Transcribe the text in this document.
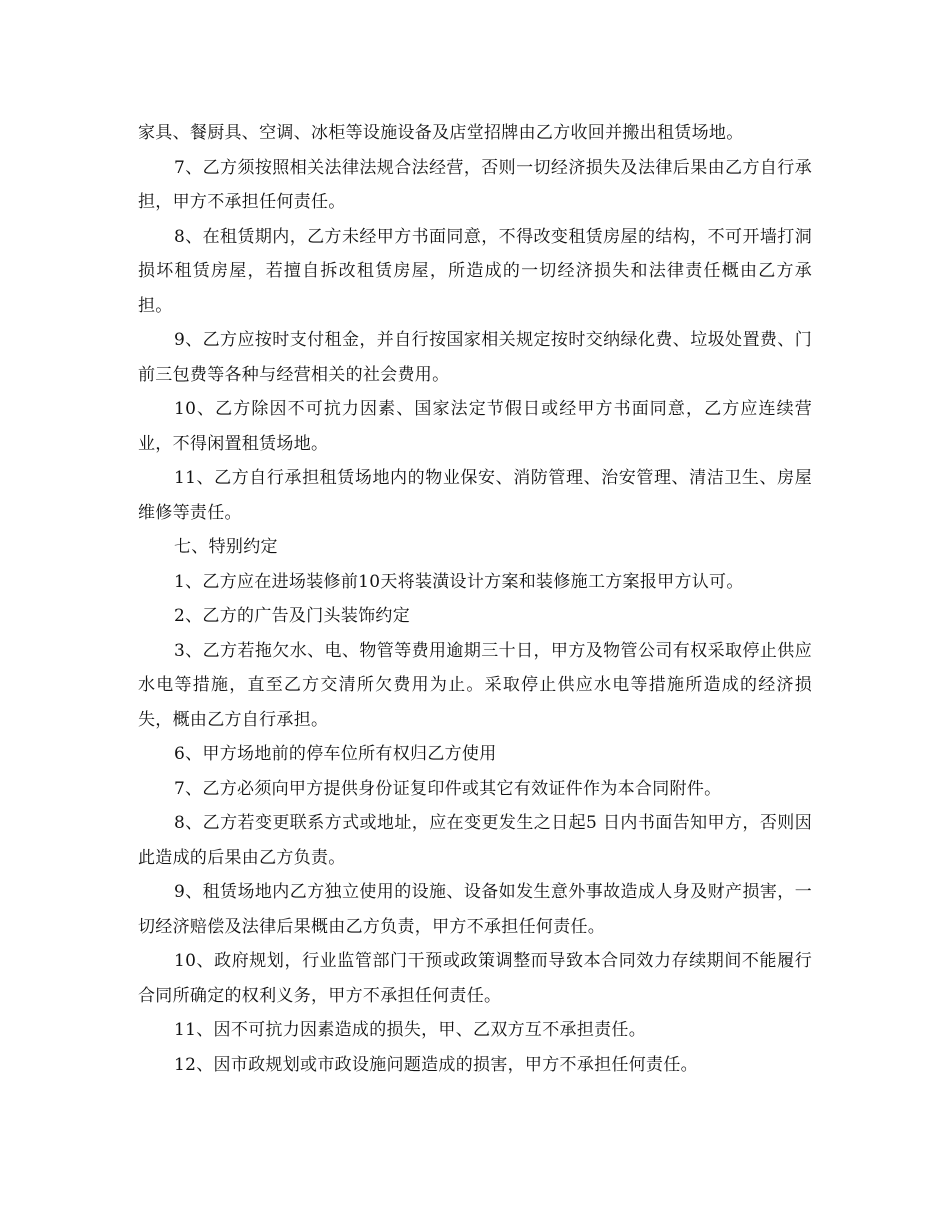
家具、餐厨具、空调、冰柜等设施设备及店堂招牌由乙方收回并搬出租赁场地。

7、乙方须按照相关法律法规合法经营，否则一切经济损失及法律后果由乙方自行承担，甲方不承担任何责任。

8、在租赁期内，乙方未经甲方书面同意，不得改变租赁房屋的结构，不可开墙打洞损坏租赁房屋，若擅自拆改租赁房屋，所造成的一切经济损失和法律责任概由乙方承担。

9、乙方应按时支付租金，并自行按国家相关规定按时交纳绿化费、垃圾处置费、门前三包费等各种与经营相关的社会费用。

10、乙方除因不可抗力因素、国家法定节假日或经甲方书面同意，乙方应连续营业，不得闲置租赁场地。

11、乙方自行承担租赁场地内的物业保安、消防管理、治安管理、清洁卫生、房屋维修等责任。

七、特别约定

1、乙方应在进场装修前10天将装潢设计方案和装修施工方案报甲方认可。

2、乙方的广告及门头装饰约定

3、乙方若拖欠水、电、物管等费用逾期三十日，甲方及物管公司有权采取停止供应水电等措施，直至乙方交清所欠费用为止。采取停止供应水电等措施所造成的经济损失，概由乙方自行承担。

6、甲方场地前的停车位所有权归乙方使用

7、乙方必须向甲方提供身份证复印件或其它有效证件作为本合同附件。

8、乙方若变更联系方式或地址，应在变更发生之日起5 日内书面告知甲方，否则因此造成的后果由乙方负责。

9、租赁场地内乙方独立使用的设施、设备如发生意外事故造成人身及财产损害，一切经济赔偿及法律后果概由乙方负责，甲方不承担任何责任。

10、政府规划，行业监管部门干预或政策调整而导致本合同效力存续期间不能履行合同所确定的权利义务，甲方不承担任何责任。

11、因不可抗力因素造成的损失，甲、乙双方互不承担责任。

12、因市政规划或市政设施问题造成的损害，甲方不承担任何责任。
